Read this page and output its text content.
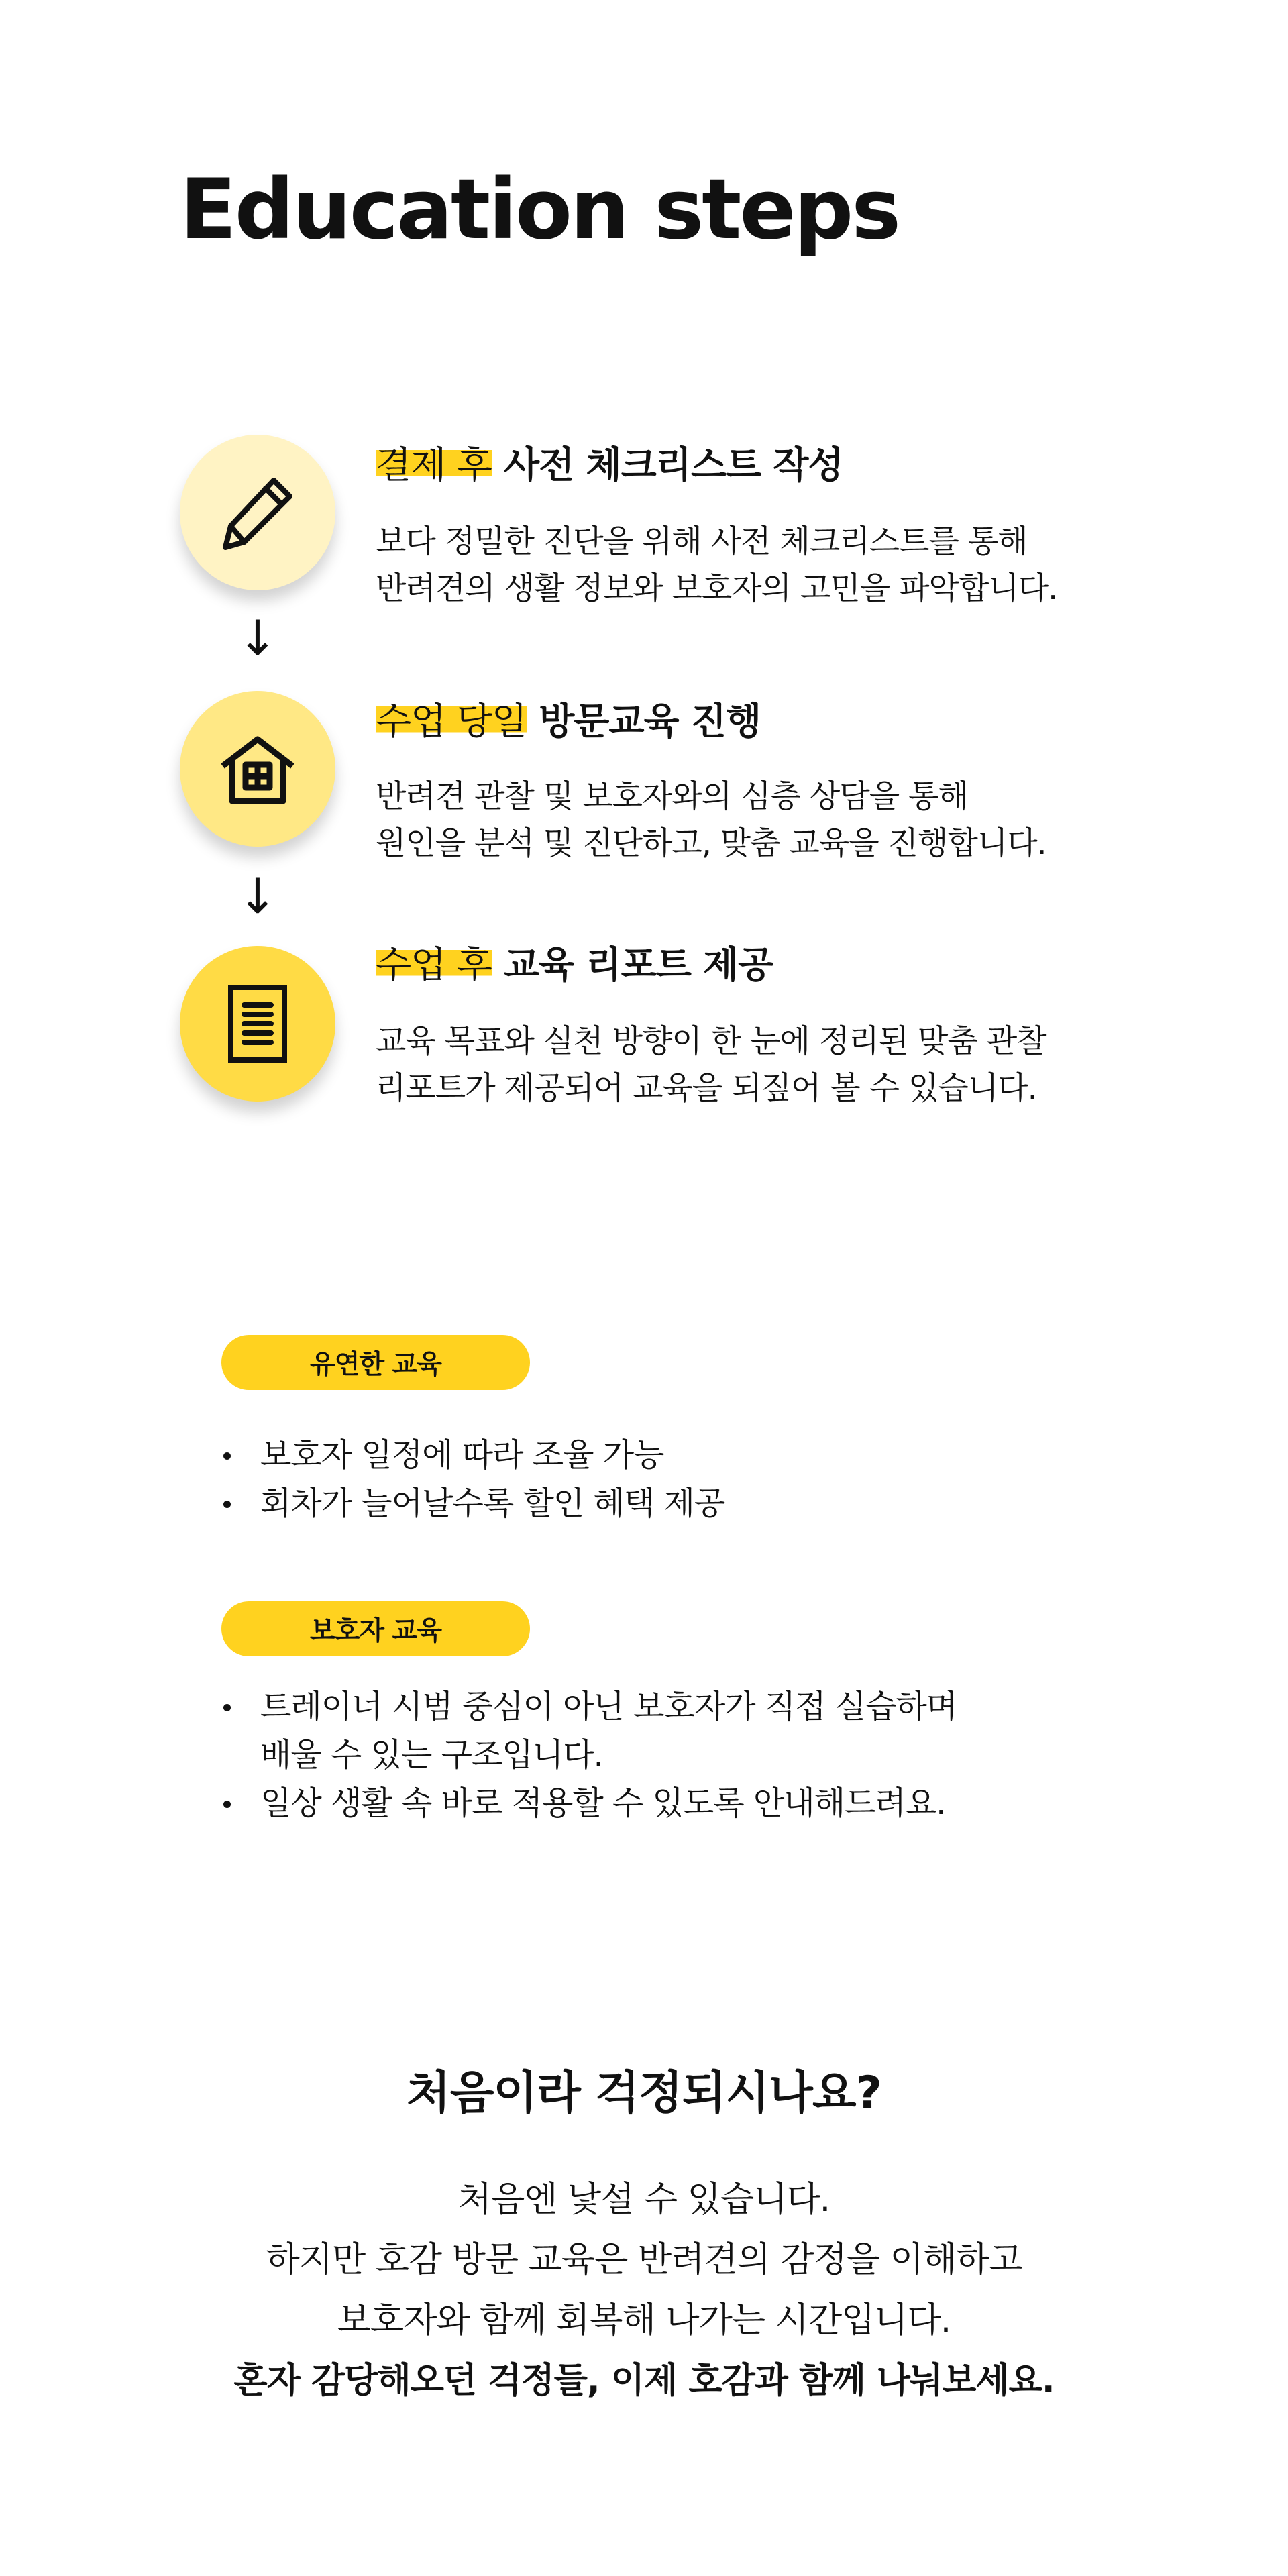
Education steps
결제 후 사전 체크리스트 작성

보다 정밀한 진단을 위해 사전 체크리스트를 통해
반려견의 생활 정보와 보호자의 고민을 파악합니다.

↓
수업 당일 방문교육 진행

반려견 관찰 및 보호자와의 심층 상담을 통해
원인을 분석 및 진단하고, 맞춤 교육을 진행합니다.

↓
수업 후 교육 리포트 제공

교육 목표와 실천 방향이 한 눈에 정리된 맞춤 관찰
리포트가 제공되어 교육을 되짚어 볼 수 있습니다.

유연한 교육
보호자 일정에 따라 조율 가능
회차가 늘어날수록 할인 혜택 제공
보호자 교육
트레이너 시범 중심이 아닌 보호자가 직접 실습하며
배울 수 있는 구조입니다.
일상 생활 속 바로 적용할 수 있도록 안내해드려요.
처음이라 걱정되시나요?

처음엔 낯설 수 있습니다.

하지만 호감 방문 교육은 반려견의 감정을 이해하고

보호자와 함께 회복해 나가는 시간입니다.

혼자 감당해오던 걱정들, 이제 호감과 함께 나눠보세요.
